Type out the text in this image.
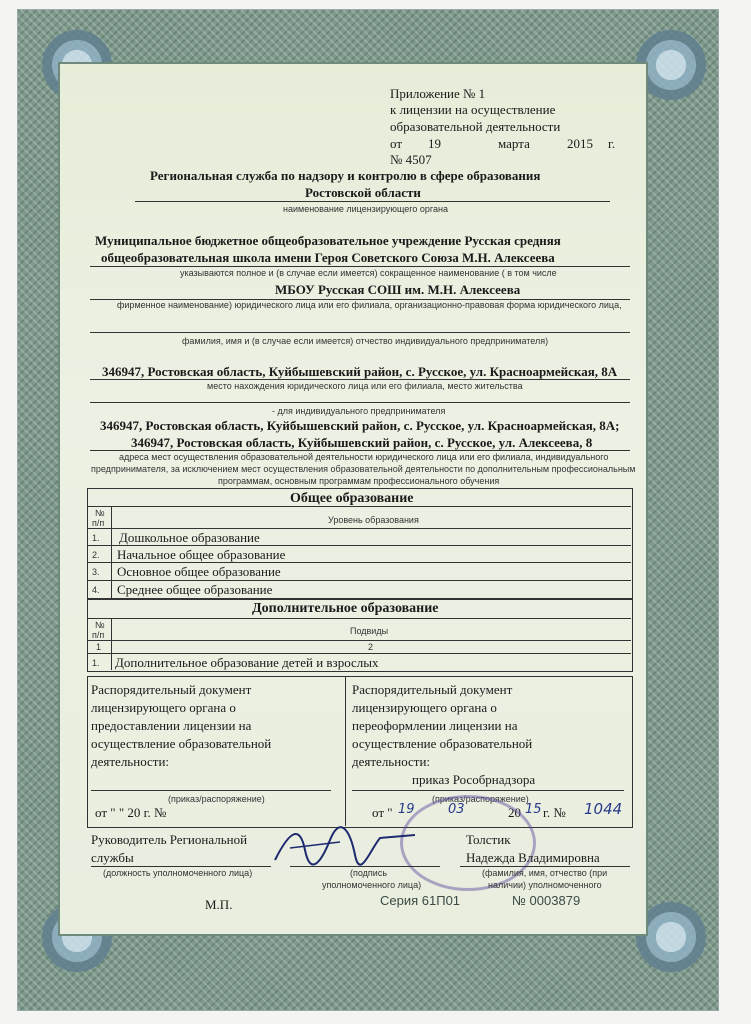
Приложение № 1
к лицензии на осуществление
образовательной деятельности
от 19	марта	2015 г.
№ 4507
Региональная служба по надзору и контролю в сфере образования
Ростовской области
наименование лицензирующего органа
Муниципальное бюджетное общеобразовательное учреждение Русская средняя
общеобразовательная школа имени Героя Советского Союза М.Н. Алексеева
указываются полное и (в случае если имеется) сокращенное наименование ( в том числе
МБОУ Русская СОШ им. М.Н. Алексеева
фирменное наименование) юридического лица или его филиала, организационно-правовая форма юридического лица,
фамилия, имя и (в случае если имеется) отчество индивидуального предпринимателя)
346947, Ростовская область, Куйбышевский район, с. Русское, ул. Красноармейская, 8А
место нахождения юридического лица или его филиала, место жительства
- для индивидуального предпринимателя
346947, Ростовская область, Куйбышевский район, с. Русское, ул. Красноармейская, 8А;
346947, Ростовская область, Куйбышевский район, с. Русское, ул. Алексеева, 8
адреса мест осуществления образовательной деятельности юридического лица или его филиала, индивидуального
предпринимателя, за исключением мест осуществления образовательной деятельности по дополнительным профессиональным
программам, основным программам профессионального обучения
Общее образование
№
п/п	Уровень образования
1. Дошкольное образование
2. Начальное общее образование
3. Основное общее образование
4. Среднее общее образование
Дополнительное образование
№
п/п	Подвиды
1	2
1. Дополнительное образование детей и взрослых
Распорядительный документ
лицензирующего органа о
предоставлении лицензии на
осуществление образовательной
деятельности:
(приказ/распоряжение)
от " " 20 г. №
Распорядительный документ
лицензирующего органа о
переоформлении лицензии на
осуществление образовательной
деятельности:
приказ Рособрнадзора
(приказ/распоряжение)
от " 19	03	20 15 г. № 1044
Руководитель Региональной
службы
(должность уполномоченного лица)	(подпись
уполномоченного лица)
Толстик
Надежда Владимировна
(фамилия, имя, отчество (при
наличии) уполномоченного
М.П.	Серия 61П01	№ 0003879
